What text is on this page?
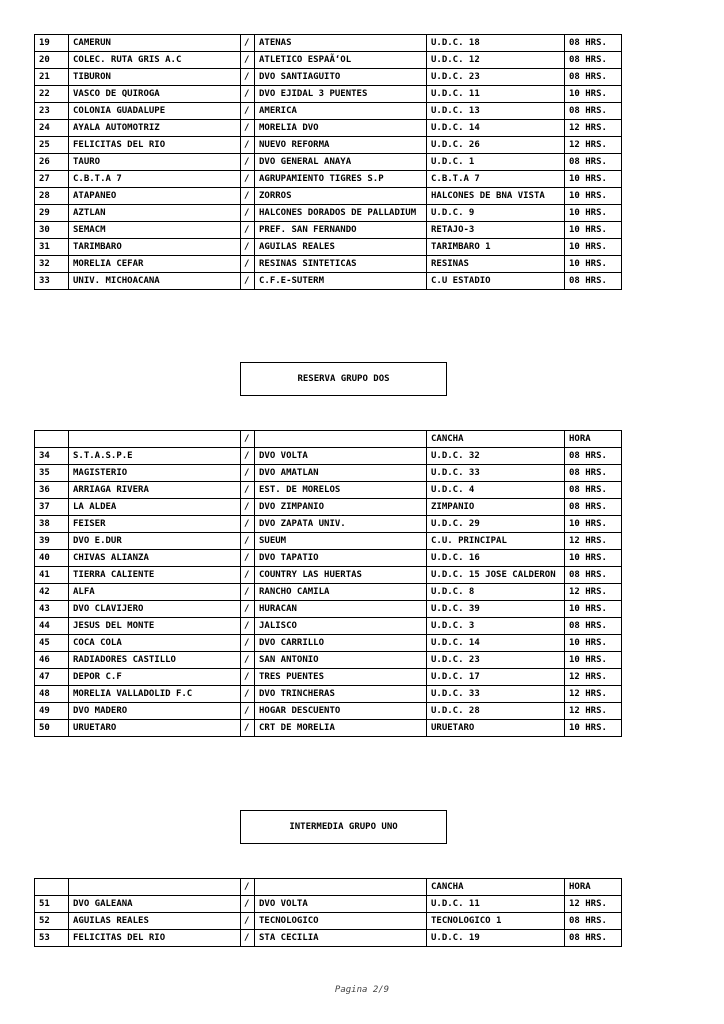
19	CAMERUN	/	ATENAS	U.D.C. 18	08 HRS.
20	COLEC. RUTA GRIS A.C	/	ATLETICO ESPAÃ‘OL	U.D.C. 12	08 HRS.
21	TIBURON	/	DVO SANTIAGUITO	U.D.C. 23	08 HRS.
22	VASCO DE QUIROGA	/	DVO EJIDAL 3 PUENTES	U.D.C. 11	10 HRS.
23	COLONIA GUADALUPE	/	AMERICA	U.D.C. 13	08 HRS.
24	AYALA AUTOMOTRIZ	/	MORELIA DVO	U.D.C. 14	12 HRS.
25	FELICITAS DEL RIO	/	NUEVO REFORMA	U.D.C. 26	12 HRS.
26	TAURO	/	DVO GENERAL ANAYA	U.D.C. 1	08 HRS.
27	C.B.T.A 7	/	AGRUPAMIENTO TIGRES S.P	C.B.T.A 7	10 HRS.
28	ATAPANEO	/	ZORROS	HALCONES DE BNA VISTA	10 HRS.
29	AZTLAN	/	HALCONES DORADOS DE PALLADIUM	U.D.C. 9	10 HRS.
30	SEMACM	/	PREF. SAN FERNANDO	RETAJO-3	10 HRS.
31	TARIMBARO	/	AGUILAS REALES	TARIMBARO 1	10 HRS.
32	MORELIA CEFAR	/	RESINAS SINTETICAS	RESINAS	10 HRS.
33	UNIV. MICHOACANA	/	C.F.E-SUTERM	C.U ESTADIO	08 HRS.
RESERVA GRUPO DOS
		/		CANCHA	HORA
34	S.T.A.S.P.E	/	DVO VOLTA	U.D.C. 32	08 HRS.
35	MAGISTERIO	/	DVO AMATLAN	U.D.C. 33	08 HRS.
36	ARRIAGA RIVERA	/	EST. DE MORELOS	U.D.C. 4	08 HRS.
37	LA ALDEA	/	DVO ZIMPANIO	ZIMPANIO	08 HRS.
38	FEISER	/	DVO ZAPATA UNIV.	U.D.C. 29	10 HRS.
39	DVO E.DUR	/	SUEUM	C.U. PRINCIPAL	12 HRS.
40	CHIVAS ALIANZA	/	DVO TAPATIO	U.D.C. 16	10 HRS.
41	TIERRA CALIENTE	/	COUNTRY LAS HUERTAS	U.D.C. 15 JOSE CALDERON	08 HRS.
42	ALFA	/	RANCHO CAMILA	U.D.C. 8	12 HRS.
43	DVO CLAVIJERO	/	HURACAN	U.D.C. 39	10 HRS.
44	JESUS DEL MONTE	/	JALISCO	U.D.C. 3	08 HRS.
45	COCA COLA	/	DVO CARRILLO	U.D.C. 14	10 HRS.
46	RADIADORES CASTILLO	/	SAN ANTONIO	U.D.C. 23	10 HRS.
47	DEPOR C.F	/	TRES PUENTES	U.D.C. 17	12 HRS.
48	MORELIA VALLADOLID F.C	/	DVO TRINCHERAS	U.D.C. 33	12 HRS.
49	DVO MADERO	/	HOGAR DESCUENTO	U.D.C. 28	12 HRS.
50	URUETARO	/	CRT DE MORELIA	URUETARO	10 HRS.
INTERMEDIA GRUPO UNO
		/		CANCHA	HORA
51	DVO GALEANA	/	DVO VOLTA	U.D.C. 11	12 HRS.
52	AGUILAS REALES	/	TECNOLOGICO	TECNOLOGICO 1	08 HRS.
53	FELICITAS DEL RIO	/	STA CECILIA	U.D.C. 19	08 HRS.
Pagina 2/9
